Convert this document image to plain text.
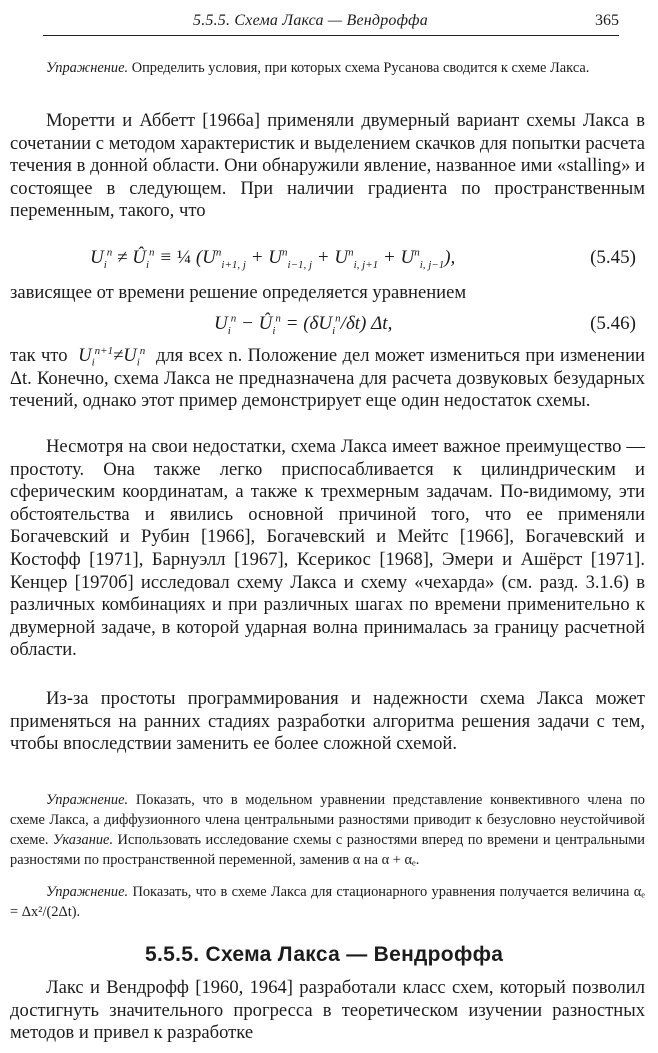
5.5.5. Схема Лакса — Вендроффа	365
Упражнение. Определить условия, при которых схема Русанова сводится к схеме Лакса.
Моретти и Аббетт [1966а] применяли двумерный вариант схемы Лакса в сочетании с методом характеристик и выделением скачков для попытки расчета течения в донной области. Они обнаружили явление, названное ими «stalling» и состоящее в следующем. При наличии градиента по пространственным переменным, такого, что
$U_i^n$ ≠ $Û_i^n$ ≡ ¼ $(U^n_{i+1, j} + U^n_{i-1, j} + U^n_{i, j+1} + U^n_{i, j-1})$,	(5.45)
зависящее от времени решение определяется уравнением
$U_i^n$ − $Û_i^n = (\delta U_i^n/\delta t)$ Δt,	(5.46)
так что  $U_i^{n+1}\ne U_i^n$ для всех n. Положение дел может измениться при изменении Δt. Конечно, схема Лакса не предназначена для расчета дозвуковых безударных течений, однако этот пример демонстрирует еще один недостаток схемы.
Несмотря на свои недостатки, схема Лакса имеет важное преимущество — простоту. Она также легко приспосабливается к цилиндрическим и сферическим координатам, а также к трехмерным задачам. По-видимому, эти обстоятельства и явились основной причиной того, что ее применяли Богачевский и Рубин [1966], Богачевский и Мейтс [1966], Богачевский и Костофф [1971], Барнуэлл [1967], Ксерикос [1968], Эмери и Ашёрст [1971]. Кенцер [1970б] исследовал схему Лакса и схему «чехарда» (см. разд. 3.1.6) в различных комбинациях и при различных шагах по времени применительно к двумерной задаче, в которой ударная волна принималась за границу расчетной области.
Из-за простоты программирования и надежности схема Лакса может применяться на ранних стадиях разработки алгоритма решения задачи с тем, чтобы впоследствии заменить ее более сложной схемой.
Упражнение. Показать, что в модельном уравнении представление конвективного члена по схеме Лакса, а диффузионного члена центральными разностями приводит к безусловно неустойчивой схеме. Указание. Использовать исследование схемы с разностями вперед по времени и центральными разностями по пространственной переменной, заменив α на α + αₑ.
Упражнение. Показать, что в схеме Лакса для стационарного уравнения получается величина αₑ = Δx²/(2Δt).
5.5.5. Схема Лакса — Вендроффа
Лакс и Вендрофф [1960, 1964] разработали класс схем, который позволил достигнуть значительного прогресса в теоретическом изучении разностных методов и привел к разработке
